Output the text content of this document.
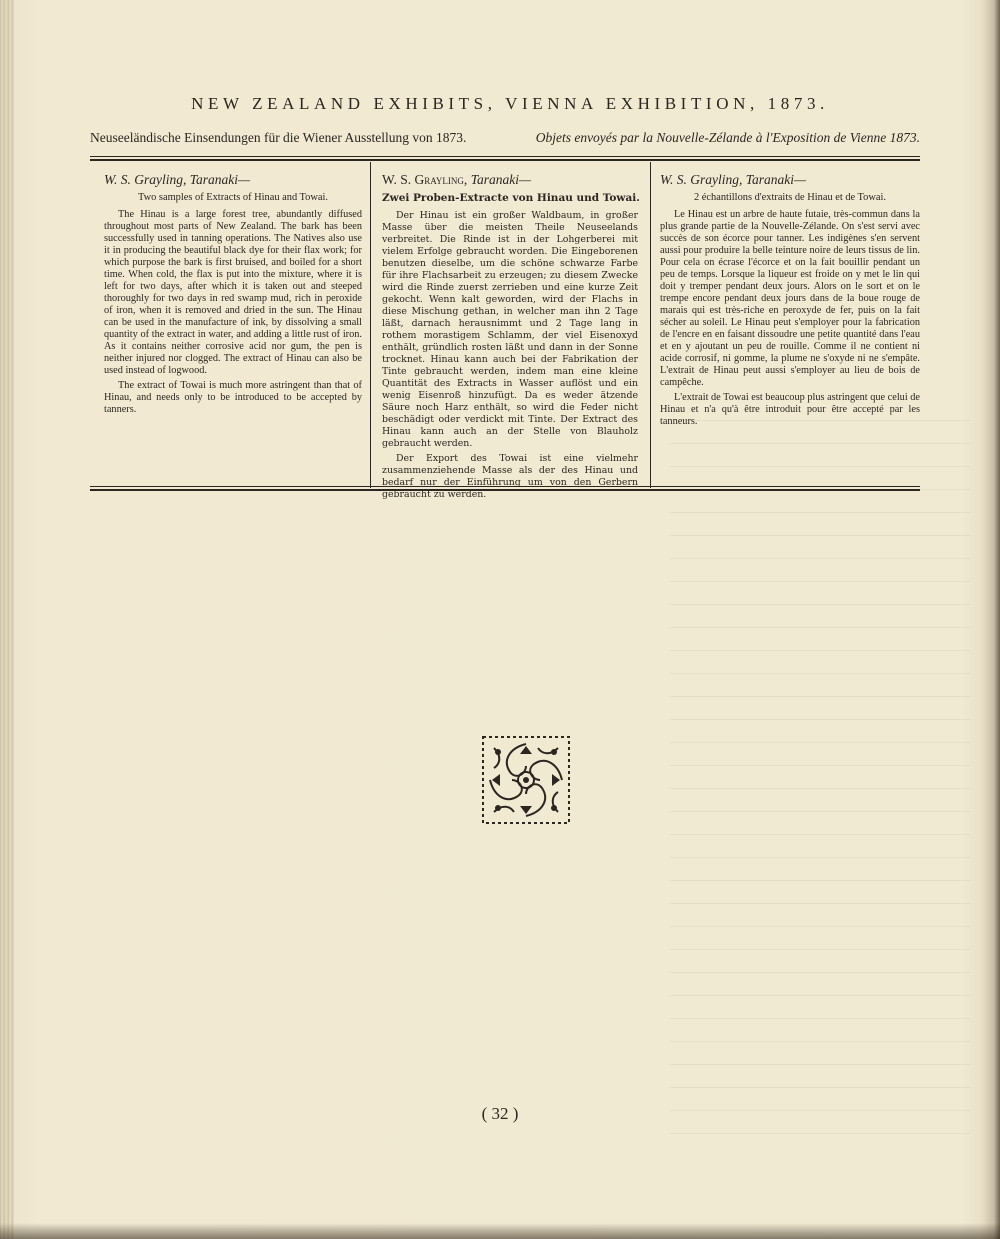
NEW ZEALAND EXHIBITS, VIENNA EXHIBITION, 1873.
Neuseeländische Einsendungen für die Wiener Ausstellung von 1873.	Objets envoyés par la Nouvelle-Zélande à l'Exposition de Vienne 1873.
W. S. Grayling, Taranaki—
Two samples of Extracts of Hinau and Towai.

The Hinau is a large forest tree, abundantly diffused throughout most parts of New Zealand. The bark has been successfully used in tanning operations. The Natives also use it in producing the beautiful black dye for their flax work; for which purpose the bark is first bruised, and boiled for a short time. When cold, the flax is put into the mixture, where it is left for two days, after which it is taken out and steeped thoroughly for two days in red swamp mud, rich in peroxide of iron, when it is removed and dried in the sun. The Hinau can be used in the manufacture of ink, by dissolving a small quantity of the extract in water, and adding a little rust of iron. As it contains neither corrosive acid nor gum, the pen is neither injured nor clogged. The extract of Hinau can also be used instead of logwood.

The extract of Towai is much more astringent than that of Hinau, and needs only to be introduced to be accepted by tanners.

W. S. Grayling, Taranaki—
Zwei Proben-Extracte von Hinau und Towai.

Der Hinau ist ein großer Waldbaum, in großer Masse über die meisten Theile Neuseelands verbreitet. Die Rinde ist in der Lohgerberei mit vielem Erfolge gebraucht worden. Die Eingeborenen benutzen dieselbe, um die schöne schwarze Farbe für ihre Flachsarbeit zu erzeugen; zu diesem Zwecke wird die Rinde zuerst zerrieben und eine kurze Zeit gekocht. Wenn kalt geworden, wird der Flachs in diese Mischung gethan, in welcher man ihn 2 Tage läßt, darnach herausnimmt und 2 Tage lang in rothem morastigem Schlamm, der viel Eisenoxyd enthält, gründlich rosten läßt und dann in der Sonne trocknet. Hinau kann auch bei der Fabrikation der Tinte gebraucht werden, indem man eine kleine Quantität des Extracts in Wasser auflöst und ein wenig Eisenroß hinzufügt. Da es weder ätzende Säure noch Harz enthält, so wird die Feder nicht beschädigt oder verdickt mit Tinte. Der Extract des Hinau kann auch an der Stelle von Blauholz gebraucht werden.

Der Export des Towai ist eine vielmehr zusammenziehende Masse als der des Hinau und bedarf nur der Einführung um von den Gerbern gebraucht zu werden.

W. S. Grayling, Taranaki—
2 échantillons d'extraits de Hinau et de Towai.

Le Hinau est un arbre de haute futaie, très-commun dans la plus grande partie de la Nouvelle-Zélande. On s'est servi avec succès de son écorce pour tanner. Les indigènes s'en servent aussi pour produire la belle teinture noire de leurs tissus de lin. Pour cela on écrase l'écorce et on la fait bouillir pendant un peu de temps. Lorsque la liqueur est froide on y met le lin qui doit y tremper pendant deux jours. Alors on le sort et on le trempe encore pendant deux jours dans de la boue rouge de marais qui est très-riche en peroxyde de fer, puis on la fait sécher au soleil. Le Hinau peut s'employer pour la fabrication de l'encre en en faisant dissoudre une petite quantité dans l'eau et en y ajoutant un peu de rouille. Comme il ne contient ni acide corrosif, ni gomme, la plume ne s'oxyde ni ne s'empâte. L'extrait de Hinau peut aussi s'employer au lieu de bois de campêche.

L'extrait de Towai est beaucoup plus astringent que celui de Hinau et n'a qu'à être introduit pour être accepté par les tanneurs.

( 32 )
